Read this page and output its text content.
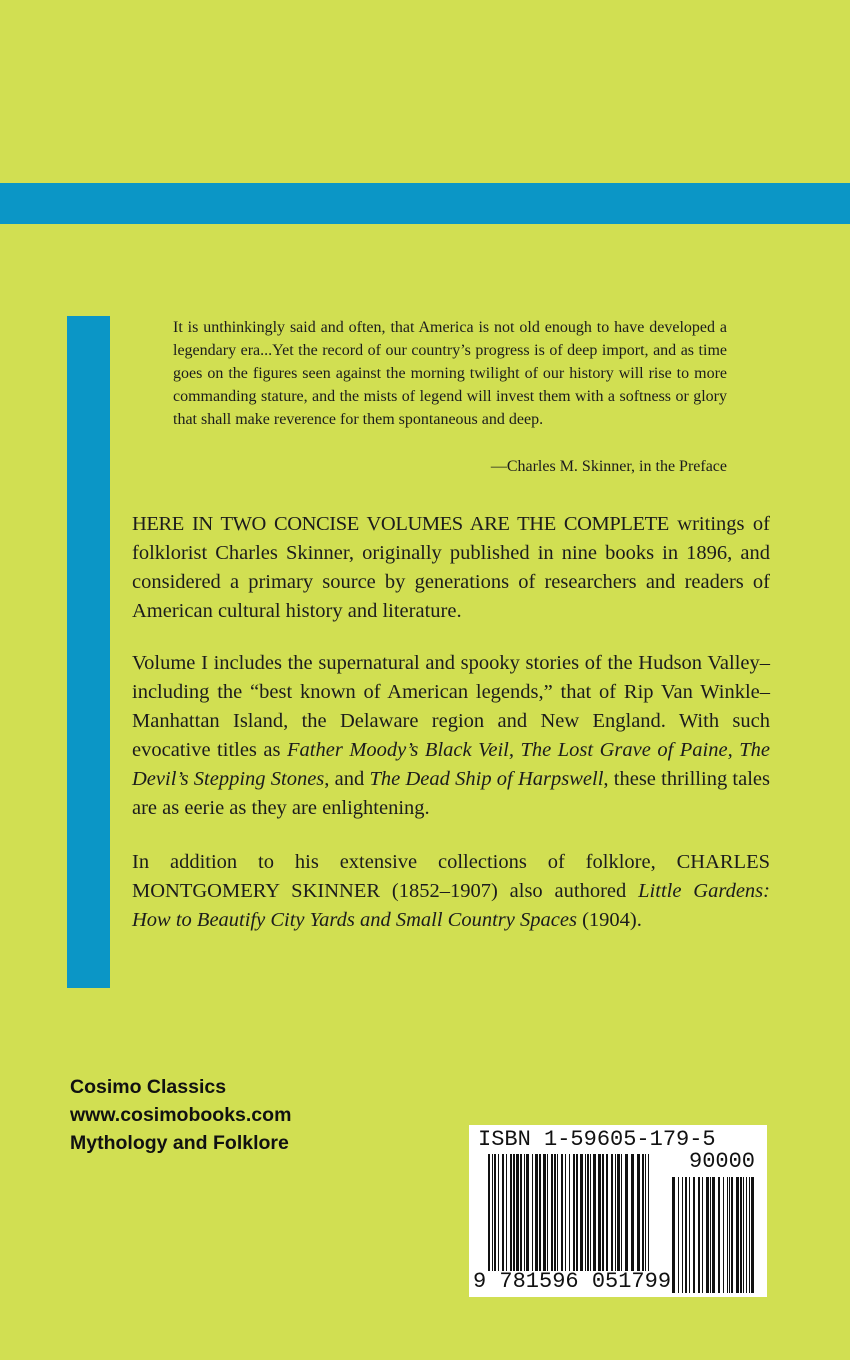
It is unthinkingly said and often, that America is not old enough to have developed a legendary era...Yet the record of our country’s progress is of deep import, and as time goes on the figures seen against the morning twilight of our history will rise to more commanding stature, and the mists of legend will invest them with a softness or glory that shall make reverence for them spontaneous and deep.

—Charles M. Skinner, in the Preface

HERE IN TWO CONCISE VOLUMES ARE THE COMPLETE writings of folklorist Charles Skinner, originally published in nine books in 1896, and considered a primary source by generations of researchers and readers of American cultural history and literature.

Volume I includes the supernatural and spooky stories of the Hudson Valley–including the “best known of American legends,” that of Rip Van Winkle–Manhattan Island, the Delaware region and New England. With such evocative titles as Father Moody’s Black Veil, The Lost Grave of Paine, The Devil’s Stepping Stones, and The Dead Ship of Harpswell, these thrilling tales are as eerie as they are enlightening.

In addition to his extensive collections of folklore, CHARLES MONTGOMERY SKINNER (1852–1907) also authored Little Gardens: How to Beautify City Yards and Small Country Spaces (1904).

Cosimo Classics
www.cosimobooks.com
Mythology and Folklore	ISBN 1-59605-179-5
90000
9 781596 051799
